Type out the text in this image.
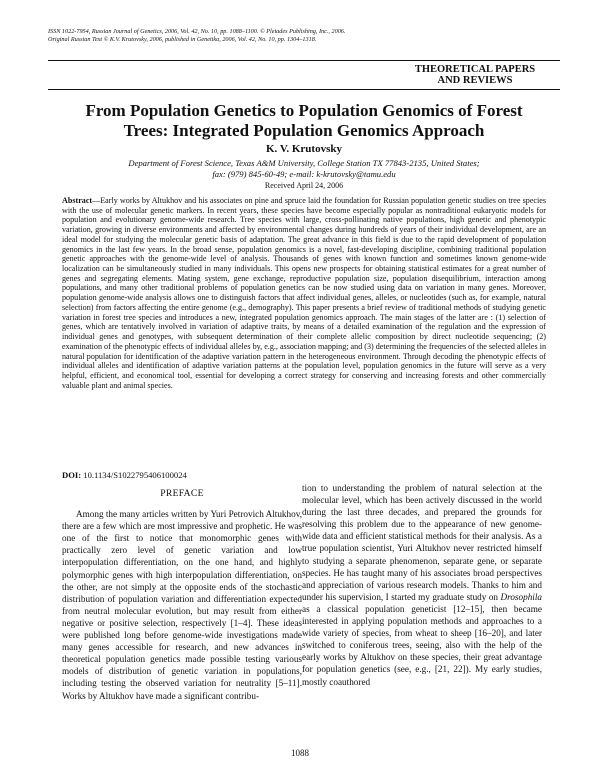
ISSN 1022-7954, Russian Journal of Genetics, 2006, Vol. 42, No. 10, pp. 1088–1100. © Pleiades Publishing, Inc., 2006.
Original Russian Text © K.V. Krutovsky, 2006, published in Genetika, 2006, Vol. 42, No. 10, pp. 1304–1318.
THEORETICAL PAPERS
AND REVIEWS
From Population Genetics to Population Genomics of Forest
Trees: Integrated Population Genomics Approach
K. V. Krutovsky
Department of Forest Science, Texas A&M University, College Station TX 77843-2135, United States;
fax: (979) 845-60-49; e-mail: k-krutovsky@tamu.edu
Received April 24, 2006
Abstract—Early works by Altukhov and his associates on pine and spruce laid the foundation for Russian population genetic studies on tree species with the use of molecular genetic markers. In recent years, these species have become especially popular as nontraditional eukaryotic models for population and evolutionary genome-wide research. Tree species with large, cross-pollinating native populations, high genetic and phenotypic variation, growing in diverse environments and affected by environmental changes during hundreds of years of their individual development, are an ideal model for studying the molecular genetic basis of adaptation. The great advance in this field is due to the rapid development of population genomics in the last few years. In the broad sense, population genomics is a novel, fast-developing discipline, combining traditional population genetic approaches with the genome-wide level of analysis. Thousands of genes with known function and sometimes known genome-wide localization can be simultaneously studied in many individuals. This opens new prospects for obtaining statistical estimates for a great number of genes and segregating elements. Mating system, gene exchange, reproductive population size, population disequilibrium, interaction among populations, and many other traditional problems of population genetics can be now studied using data on variation in many genes. Moreover, population genome-wide analysis allows one to distinguish factors that affect individual genes, alleles, or nucleotides (such as, for example, natural selection) from factors affecting the entire genome (e.g., demography). This paper presents a brief review of traditional methods of studying genetic variation in forest tree species and introduces a new, integrated population genomics approach. The main stages of the latter are : (1) selection of genes, which are tentatively involved in variation of adaptive traits, by means of a detailed examination of the regulation and the expression of individual genes and genotypes, with subsequent determination of their complete allelic composition by direct nucleotide sequencing; (2) examination of the phenotypic effects of individual alleles by, e.g., association mapping; and (3) determining the frequencies of the selected alleles in natural population for identification of the adaptive variation pattern in the heterogeneous environment. Through decoding the phenotypic effects of individual alleles and identification of adaptive variation patterns at the population level, population genomics in the future will serve as a very helpful, efficient, and economical tool, essential for developing a correct strategy for conserving and increasing forests and other commercially valuable plant and animal species.
DOI: 10.1134/S1022795406100024
PREFACE

Among the many articles written by Yuri Petrovich Altukhov, there are a few which are most impressive and prophetic. He was one of the first to notice that monomorphic genes with practically zero level of genetic variation and low interpopulation differentiation, on the one hand, and highly polymorphic genes with high interpopulation differentiation, on the other, are not simply at the opposite ends of the stochastic distribution of population variation and differentiation expected from neutral molecular evolution, but may result from either negative or positive selection, respectively [1–4]. These ideas were published long before genome-wide investigations made many genes accessible for research, and new advances in theoretical population genetics made possible testing various models of distribution of genetic variation in populations, including testing the observed variation for neutrality [5–11]. Works by Altukhov have made a significant contribu-

tion to understanding the problem of natural selection at the molecular level, which has been actively discussed in the world during the last three decades, and prepared the grounds for resolving this problem due to the appearance of new genome-wide data and efficient statistical methods for their analysis. As a true population scientist, Yuri Altukhov never restricted himself to studying a separate phenomenon, separate gene, or separate species. He has taught many of his associates broad perspectives and appreciation of various research models. Thanks to him and under his supervision, I started my graduate study on Drosophila as a classical population geneticist [12–15], then became interested in applying population methods and approaches to a wide variety of species, from wheat to sheep [16–20], and later switched to coniferous trees, seeing, also with the help of the early works by Altukhov on these species, their great advantage for population genetics (see, e.g., [21, 22]). My early studies, mostly coauthored

1088
